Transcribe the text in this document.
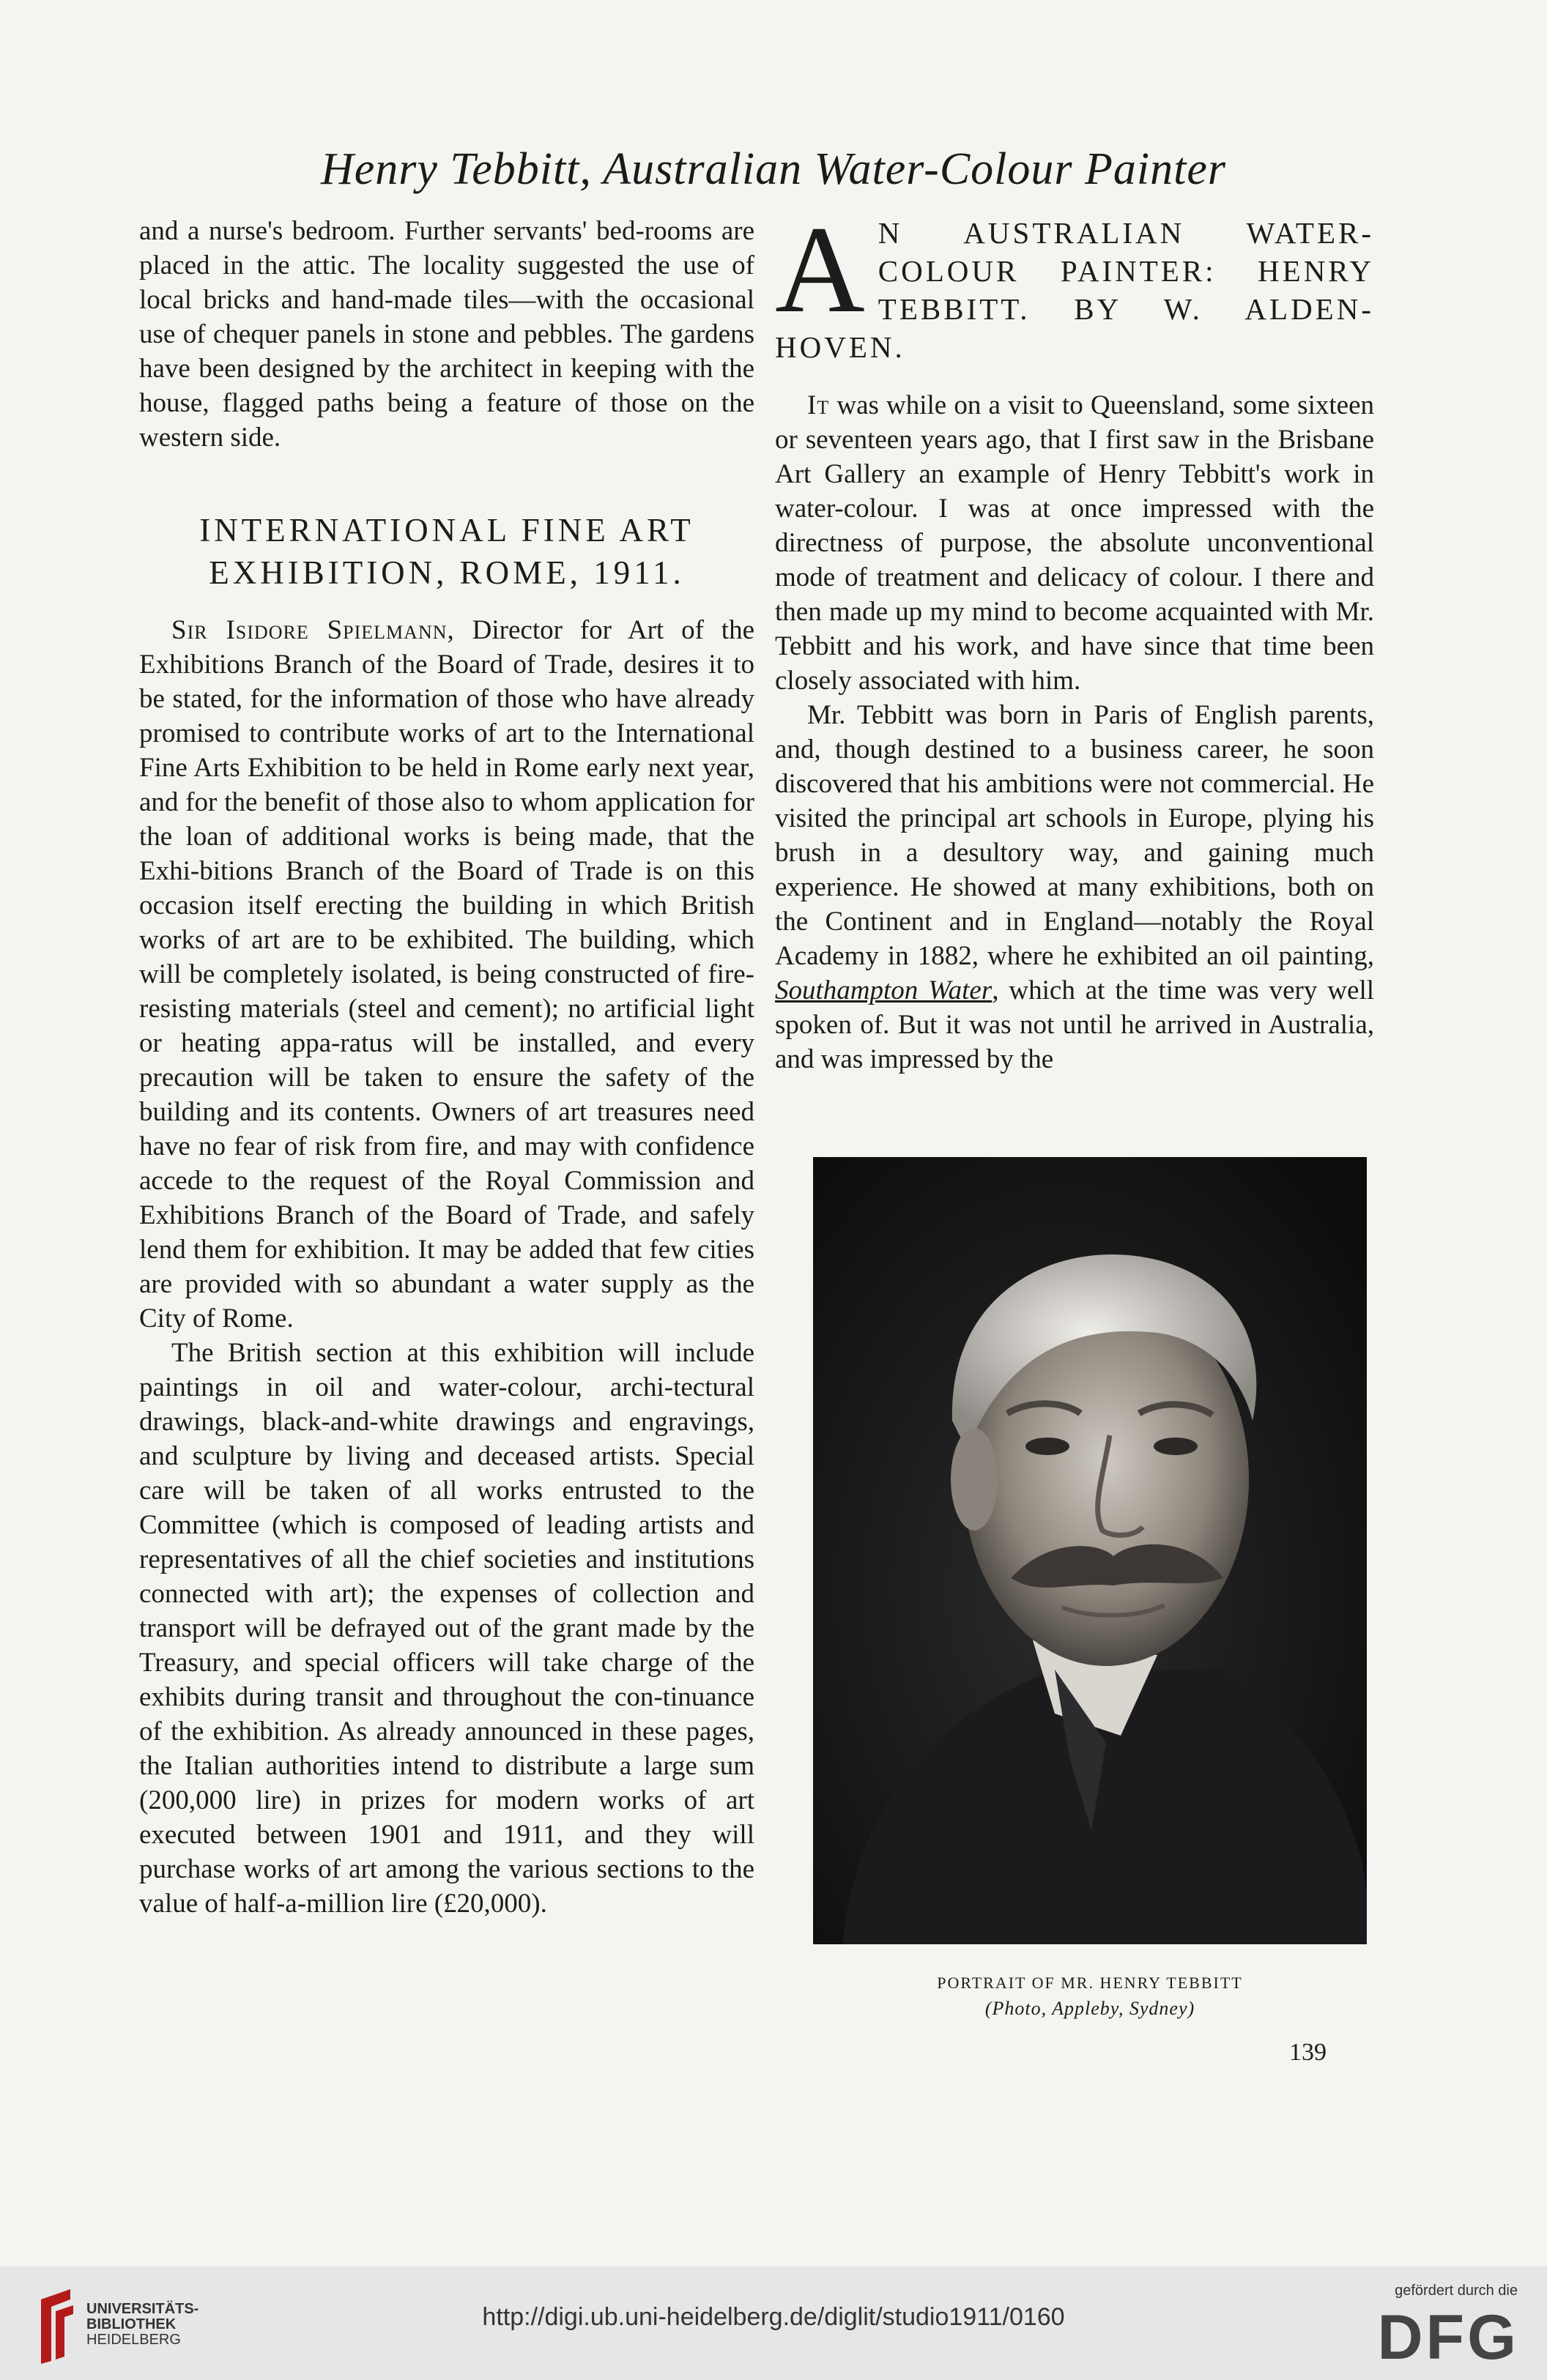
Henry Tebbitt, Australian Water-Colour Painter

and a nurse's bedroom. Further servants' bed-rooms are placed in the attic. The locality suggested the use of local bricks and hand-made tiles—with the occasional use of chequer panels in stone and pebbles. The gardens have been designed by the architect in keeping with the house, flagged paths being a feature of those on the western side.

INTERNATIONAL FINE ART
EXHIBITION, ROME, 1911.

Sir Isidore Spielmann, Director for Art of the Exhibitions Branch of the Board of Trade, desires it to be stated, for the information of those who have already promised to contribute works of art to the International Fine Arts Exhibition to be held in Rome early next year, and for the benefit of those also to whom application for the loan of additional works is being made, that the Exhi-bitions Branch of the Board of Trade is on this occasion itself erecting the building in which British works of art are to be exhibited. The building, which will be completely isolated, is being constructed of fire-resisting materials (steel and cement); no artificial light or heating appa-ratus will be installed, and every precaution will be taken to ensure the safety of the building and its contents. Owners of art treasures need have no fear of risk from fire, and may with confidence accede to the request of the Royal Commission and Exhibitions Branch of the Board of Trade, and safely lend them for exhibition. It may be added that few cities are provided with so abundant a water supply as the City of Rome.

The British section at this exhibition will include paintings in oil and water-colour, archi-tectural drawings, black-and-white drawings and engravings, and sculpture by living and deceased artists. Special care will be taken of all works entrusted to the Committee (which is composed of leading artists and representatives of all the chief societies and institutions connected with art); the expenses of collection and transport will be defrayed out of the grant made by the Treasury, and special officers will take charge of the exhibits during transit and throughout the con-tinuance of the exhibition. As already announced in these pages, the Italian authorities intend to distribute a large sum (200,000 lire) in prizes for modern works of art executed between 1901 and 1911, and they will purchase works of art among the various sections to the value of half-a-million lire (£20,000).

A N AUSTRALIAN WATER-COLOUR PAINTER: HENRY TEBBITT. BY W. ALDEN-HOVEN.

It was while on a visit to Queensland, some sixteen or seventeen years ago, that I first saw in the Brisbane Art Gallery an example of Henry Tebbitt's work in water-colour. I was at once impressed with the directness of purpose, the absolute unconventional mode of treatment and delicacy of colour. I there and then made up my mind to become acquainted with Mr. Tebbitt and his work, and have since that time been closely associated with him.

Mr. Tebbitt was born in Paris of English parents, and, though destined to a business career, he soon discovered that his ambitions were not commercial. He visited the principal art schools in Europe, plying his brush in a desultory way, and gaining much experience. He showed at many exhibitions, both on the Continent and in England—notably the Royal Academy in 1882, where he exhibited an oil painting, Southampton Water, which at the time was very well spoken of. But it was not until he arrived in Australia, and was impressed by the

PORTRAIT OF MR. HENRY TEBBITT
(Photo, Appleby, Sydney)
139
UNIVERSITÄTS-
BIBLIOTHEK
HEIDELBERG
http://digi.ub.uni-heidelberg.de/diglit/studio1911/0160
gefördert durch die
DFG
